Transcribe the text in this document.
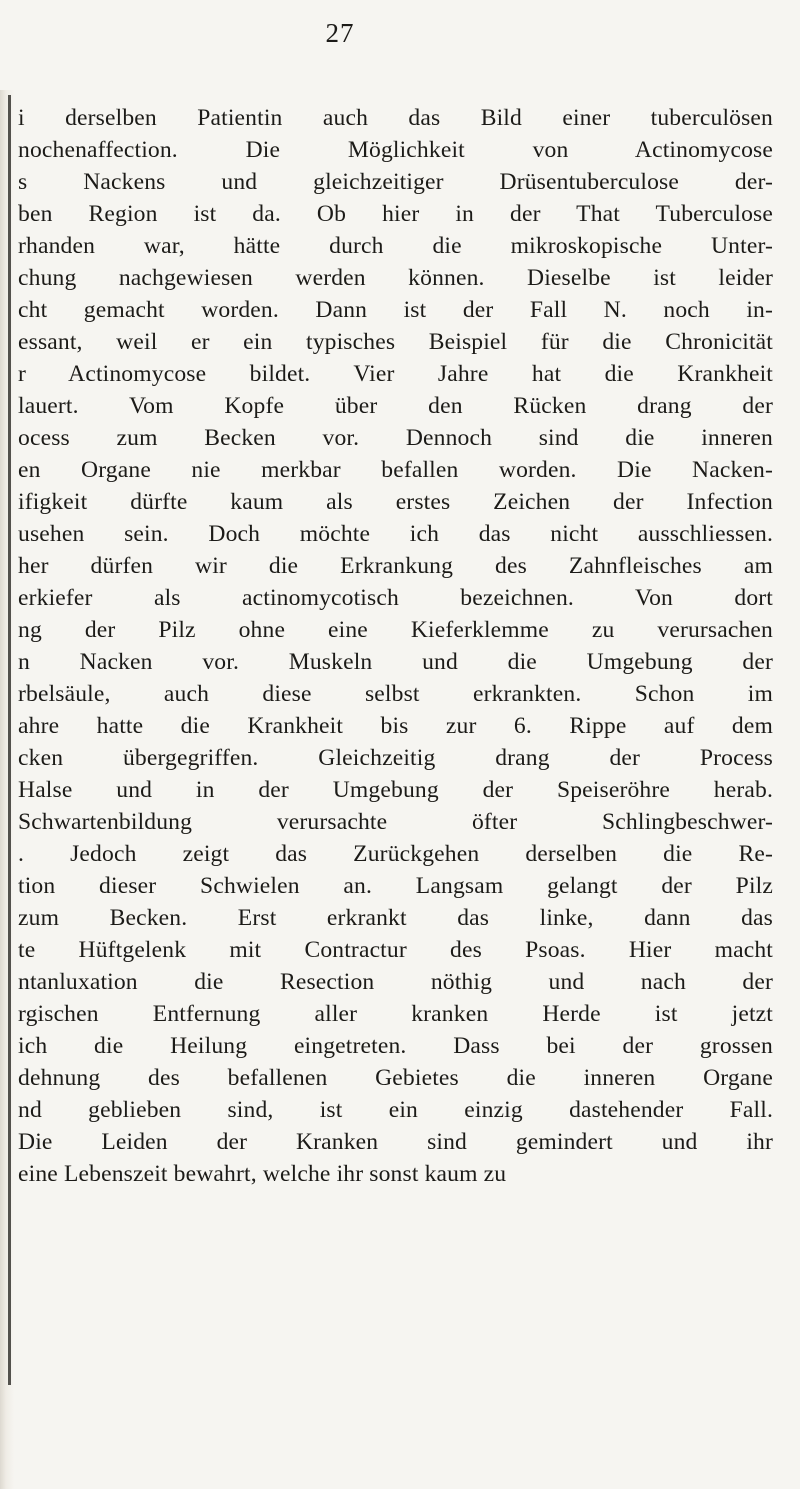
27
i derselben Patientin auch das Bild einer tuberculösen
nochenaffection. Die Möglichkeit von Actinomycose
s Nackens und gleichzeitiger Drüsentuberculose der-
ben Region ist da. Ob hier in der That Tuberculose
rhanden war, hätte durch die mikroskopische Unter-
chung nachgewiesen werden können. Dieselbe ist leider
cht gemacht worden. Dann ist der Fall N. noch in-
essant, weil er ein typisches Beispiel für die Chronicität
r Actinomycose bildet. Vier Jahre hat die Krankheit
lauert. Vom Kopfe über den Rücken drang der
ocess zum Becken vor. Dennoch sind die inneren
en Organe nie merkbar befallen worden. Die Nacken-
ifigkeit dürfte kaum als erstes Zeichen der Infection
usehen sein. Doch möchte ich das nicht ausschliessen.
her dürfen wir die Erkrankung des Zahnfleisches am
erkiefer als actinomycotisch bezeichnen. Von dort
ng der Pilz ohne eine Kieferklemme zu verursachen
n Nacken vor. Muskeln und die Umgebung der
rbelsäule, auch diese selbst erkrankten. Schon im
ahre hatte die Krankheit bis zur 6. Rippe auf dem
cken übergegriffen. Gleichzeitig drang der Process
Halse und in der Umgebung der Speiseröhre herab.
Schwartenbildung verursachte öfter Schlingbeschwer-
. Jedoch zeigt das Zurückgehen derselben die Re-
tion dieser Schwielen an. Langsam gelangt der Pilz
zum Becken. Erst erkrankt das linke, dann das
te Hüftgelenk mit Contractur des Psoas. Hier macht
ntanluxation die Resection nöthig und nach der
rgischen Entfernung aller kranken Herde ist jetzt
ich die Heilung eingetreten. Dass bei der grossen
dehnung des befallenen Gebietes die inneren Organe
nd geblieben sind, ist ein einzig dastehender Fall.
Die Leiden der Kranken sind gemindert und ihr
eine Lebenszeit bewahrt, welche ihr sonst kaum zu
